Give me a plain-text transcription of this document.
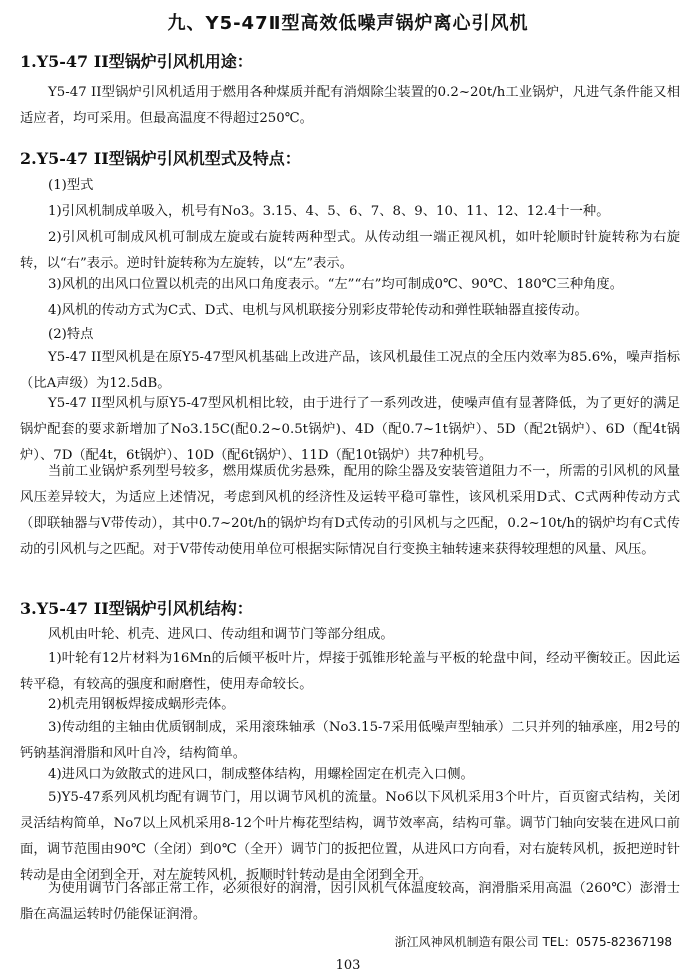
九、Y5-47Ⅱ型高效低噪声锅炉离心引风机
1.Y5-47 II型锅炉引风机用途：
Y5-47 II型锅炉引风机适用于燃用各种煤质并配有消烟除尘装置的0.2~20t/h工业锅炉，凡进气条件能又相适应者，均可采用。但最高温度不得超过250℃。
2.Y5-47 II型锅炉引风机型式及特点：
(1)型式
1)引风机制成单吸入，机号有No3。3.15、4、5、6、7、8、9、10、11、12、12.4十一种。
2)引风机可制成风机可制成左旋或右旋转两种型式。从传动组一端正视风机，如叶轮顺时针旋转称为右旋转，以“右”表示。逆时针旋转称为左旋转，以“左”表示。
3)风机的出风口位置以机壳的出风口角度表示。“左”“右”均可制成0℃、90℃、180℃三种角度。
4)风机的传动方式为C式、D式、电机与风机联接分别彩皮带轮传动和弹性联轴器直接传动。
(2)特点
Y5-47 II型风机是在原Y5-47型风机基础上改进产品，该风机最佳工况点的全压内效率为85.6%，噪声指标（比A声级）为12.5dB。
Y5-47 II型风机与原Y5-47型风机相比较，由于进行了一系列改进，使噪声值有显著降低，为了更好的满足锅炉配套的要求新增加了No3.15C(配0.2~0.5t锅炉)、4D（配0.7~1t锅炉）、5D（配2t锅炉）、6D（配4t锅炉）、7D（配4t，6t锅炉）、10D（配6t锅炉）、11D（配10t锅炉）共7种机号。
当前工业锅炉系列型号较多，燃用煤质优劣悬殊，配用的除尘器及安装管道阻力不一，所需的引风机的风量风压差异较大，为适应上述情况，考虑到风机的经济性及运转平稳可靠性，该风机采用D式、C式两种传动方式（即联轴器与V带传动），其中0.7~20t/h的锅炉均有D式传动的引风机与之匹配，0.2~10t/h的锅炉均有C式传动的引风机与之匹配。对于V带传动使用单位可根据实际情况自行变换主轴转速来获得较理想的风量、风压。
3.Y5-47 II型锅炉引风机结构：
风机由叶轮、机壳、进风口、传动组和调节门等部分组成。
1)叶轮有12片材料为16Mn的后倾平板叶片，焊接于弧锥形轮盖与平板的轮盘中间，经动平衡较正。因此运转平稳，有较高的强度和耐磨性，使用寿命较长。
2)机壳用钢板焊接成蜗形壳体。
3)传动组的主轴由优质钢制成，采用滚珠轴承（No3.15-7采用低噪声型轴承）二只并列的轴承座，用2号的钙钠基润滑脂和风叶自冷，结构简单。
4)进风口为敛散式的进风口，制成整体结构，用螺栓固定在机壳入口侧。
5)Y5-47系列风机均配有调节门，用以调节风机的流量。No6以下风机采用3个叶片，百页窗式结构，关闭灵活结构简单，No7以上风机采用8-12个叶片梅花型结构，调节效率高，结构可靠。调节门轴向安装在进风口前面，调节范围由90℃（全闭）到0℃（全开）调节门的扳把位置，从进风口方向看，对右旋转风机，扳把逆时针转动是由全闭到全开，对左旋转风机，扳顺时针转动是由全闭到全开。
为使用调节门各部正常工作，必须很好的润滑，因引风机气体温度较高，润滑脂采用高温（260℃）澎滑士脂在高温运转时仍能保证润滑。
浙江风神风机制造有限公司 TEL：0575-82367198
103
